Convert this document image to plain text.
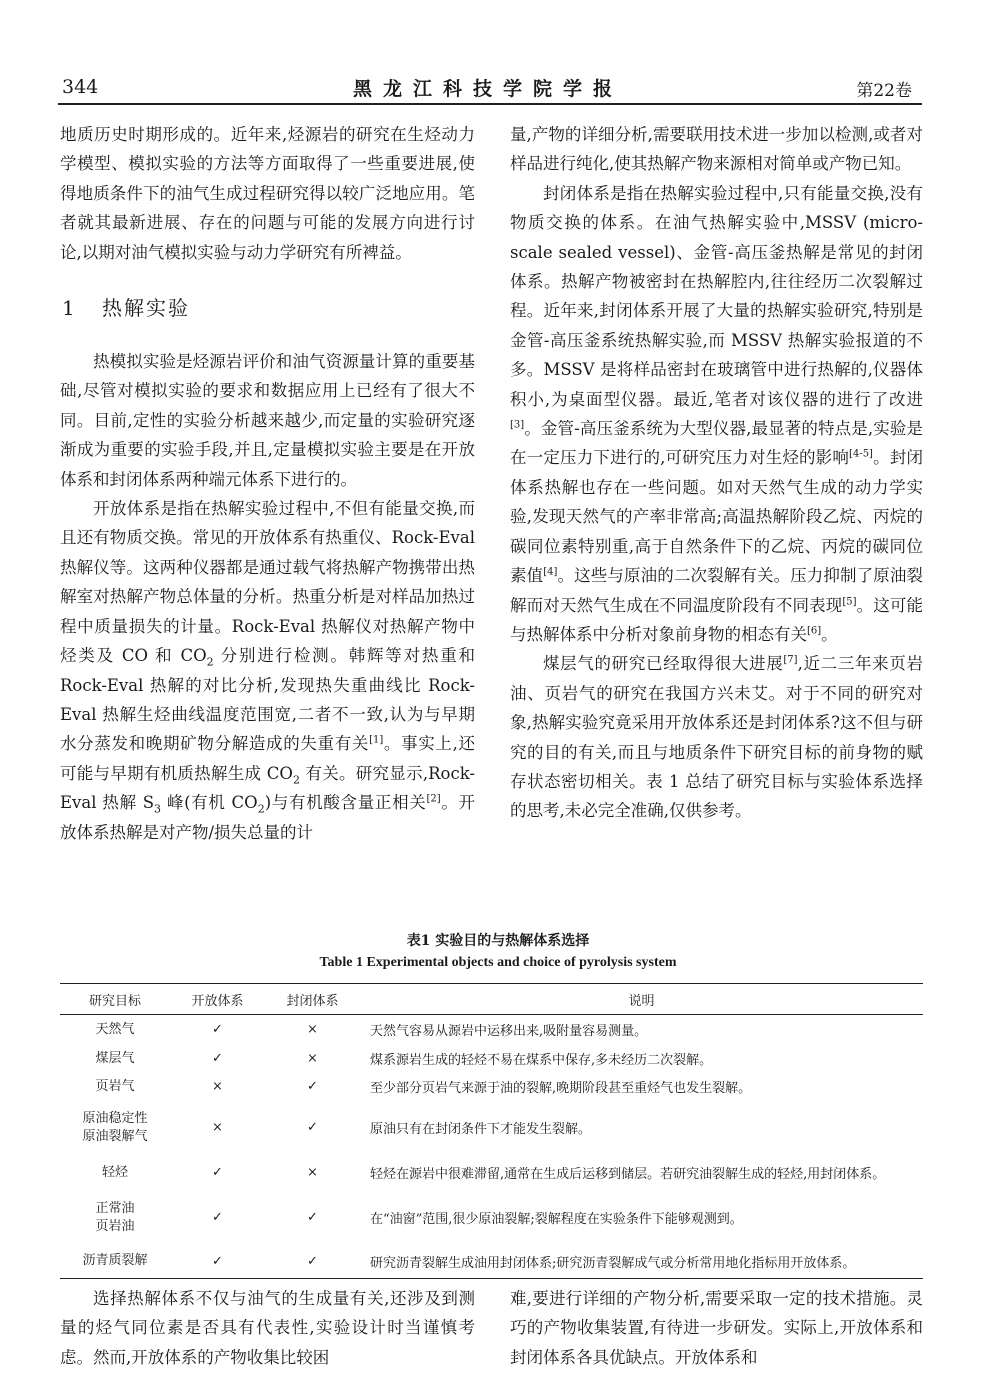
344	黑龙江科技学院学报	第22卷

地质历史时期形成的。近年来,烃源岩的研究在生烃动力学模型、模拟实验的方法等方面取得了一些重要进展,使得地质条件下的油气生成过程研究得以较广泛地应用。笔者就其最新进展、存在的问题与可能的发展方向进行讨论,以期对油气模拟实验与动力学研究有所裨益。

1 热解实验

热模拟实验是烃源岩评价和油气资源量计算的重要基础,尽管对模拟实验的要求和数据应用上已经有了很大不同。目前,定性的实验分析越来越少,而定量的实验研究逐渐成为重要的实验手段,并且,定量模拟实验主要是在开放体系和封闭体系两种端元体系下进行的。

开放体系是指在热解实验过程中,不但有能量交换,而且还有物质交换。常见的开放体系有热重仪、Rock-Eval 热解仪等。这两种仪器都是通过载气将热解产物携带出热解室对热解产物总体量的分析。热重分析是对样品加热过程中质量损失的计量。Rock-Eval 热解仪对热解产物中烃类及 CO 和 $CO_2$ 分别进行检测。韩辉等对热重和 Rock-Eval 热解的对比分析,发现热失重曲线比 Rock-Eval 热解生烃曲线温度范围宽,二者不一致,认为与早期水分蒸发和晚期矿物分解造成的失重有关[1]。事实上,还可能与早期有机质热解生成 $CO_2$ 有关。研究显示,Rock-Eval 热解 $S_3$ 峰(有机 $CO_2$)与有机酸含量正相关[2]。开放体系热解是对产物/损失总量的计

量,产物的详细分析,需要联用技术进一步加以检测,或者对样品进行纯化,使其热解产物来源相对简单或产物已知。

封闭体系是指在热解实验过程中,只有能量交换,没有物质交换的体系。在油气热解实验中,MSSV (micro-scale sealed vessel)、金管-高压釜热解是常见的封闭体系。热解产物被密封在热解腔内,往往经历二次裂解过程。近年来,封闭体系开展了大量的热解实验研究,特别是金管-高压釜系统热解实验,而 MSSV 热解实验报道的不多。MSSV 是将样品密封在玻璃管中进行热解的,仪器体积小,为桌面型仪器。最近,笔者对该仪器的进行了改进[3]。金管-高压釜系统为大型仪器,最显著的特点是,实验是在一定压力下进行的,可研究压力对生烃的影响[4-5]。封闭体系热解也存在一些问题。如对天然气生成的动力学实验,发现天然气的产率非常高;高温热解阶段乙烷、丙烷的碳同位素特别重,高于自然条件下的乙烷、丙烷的碳同位素值[4]。这些与原油的二次裂解有关。压力抑制了原油裂解而对天然气生成在不同温度阶段有不同表现[5]。这可能与热解体系中分析对象前身物的相态有关[6]。

煤层气的研究已经取得很大进展[7],近二三年来页岩油、页岩气的研究在我国方兴未艾。对于不同的研究对象,热解实验究竟采用开放体系还是封闭体系?这不但与研究的目的有关,而且与地质条件下研究目标的前身物的赋存状态密切相关。表 1 总结了研究目标与实验体系选择的思考,未必完全准确,仅供参考。

表1 实验目的与热解体系选择
Table 1 Experimental objects and choice of pyrolysis system
研究目标	开放体系	封闭体系	说明

天然气	✓	×	天然气容易从源岩中运移出来,吸附量容易测量。

煤层气	✓	×	煤系源岩生成的轻烃不易在煤系中保存,多未经历二次裂解。

页岩气	×	✓	至少部分页岩气来源于油的裂解,晚期阶段甚至重烃气也发生裂解。

原油稳定性
原油裂解气	×	✓	原油只有在封闭条件下才能发生裂解。

轻烃	✓	×	轻烃在源岩中很难滞留,通常在生成后运移到储层。若研究油裂解生成的轻烃,用封闭体系。

正常油
页岩油	✓	✓	在“油窗”范围,很少原油裂解;裂解程度在实验条件下能够观测到。

沥青质裂解	✓	✓	研究沥青裂解生成油用封闭体系;研究沥青裂解成气或分析常用地化指标用开放体系。

选择热解体系不仅与油气的生成量有关,还涉及到测量的烃气同位素是否具有代表性,实验设计时当谨慎考虑。然而,开放体系的产物收集比较困

难,要进行详细的产物分析,需要采取一定的技术措施。灵巧的产物收集装置,有待进一步研发。实际上,开放体系和封闭体系各具优缺点。开放体系和
